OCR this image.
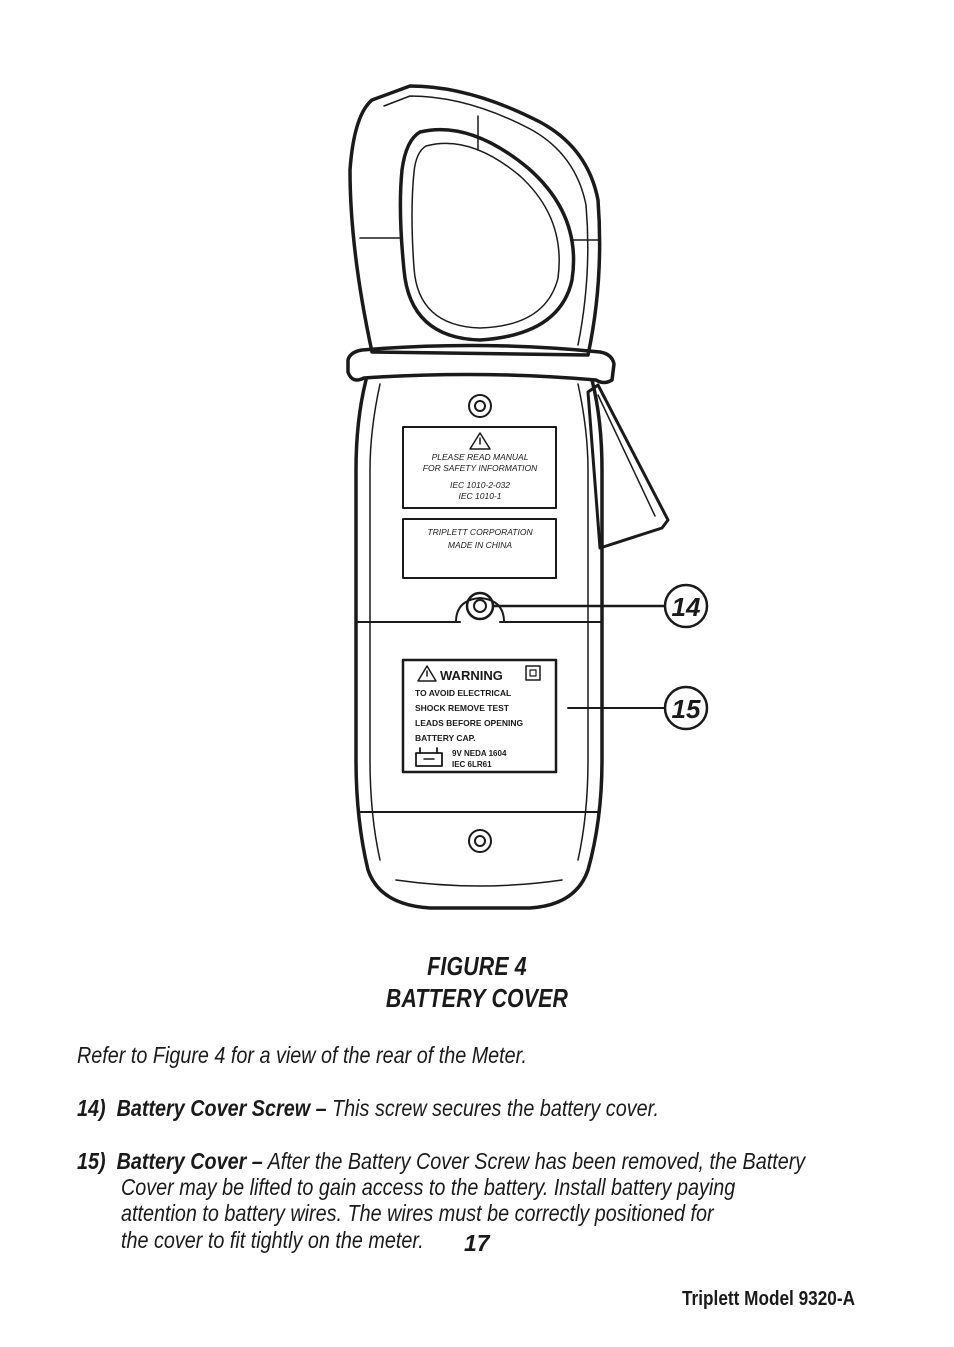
14
15
PLEASE READ MANUAL
FOR SAFETY INFORMATION
IEC 1010-2-032
IEC 1010-1
TRIPLETT CORPORATION
MADE IN CHINA
WARNING
TO AVOID ELECTRICAL
SHOCK REMOVE TEST
LEADS BEFORE OPENING
BATTERY CAP.
9V NEDA 1604
IEC 6LR61
FIGURE 4
BATTERY COVER
Refer to Figure 4 for a view of the rear of the Meter.
14) Battery Cover Screw – This screw secures the battery cover.
15) Battery Cover – After the Battery Cover Screw has been removed, the Battery
Cover may be lifted to gain access to the battery. Install battery paying
attention to battery wires. The wires must be correctly positioned for
the cover to fit tightly on the meter. 17
Triplett Model 9320-A
